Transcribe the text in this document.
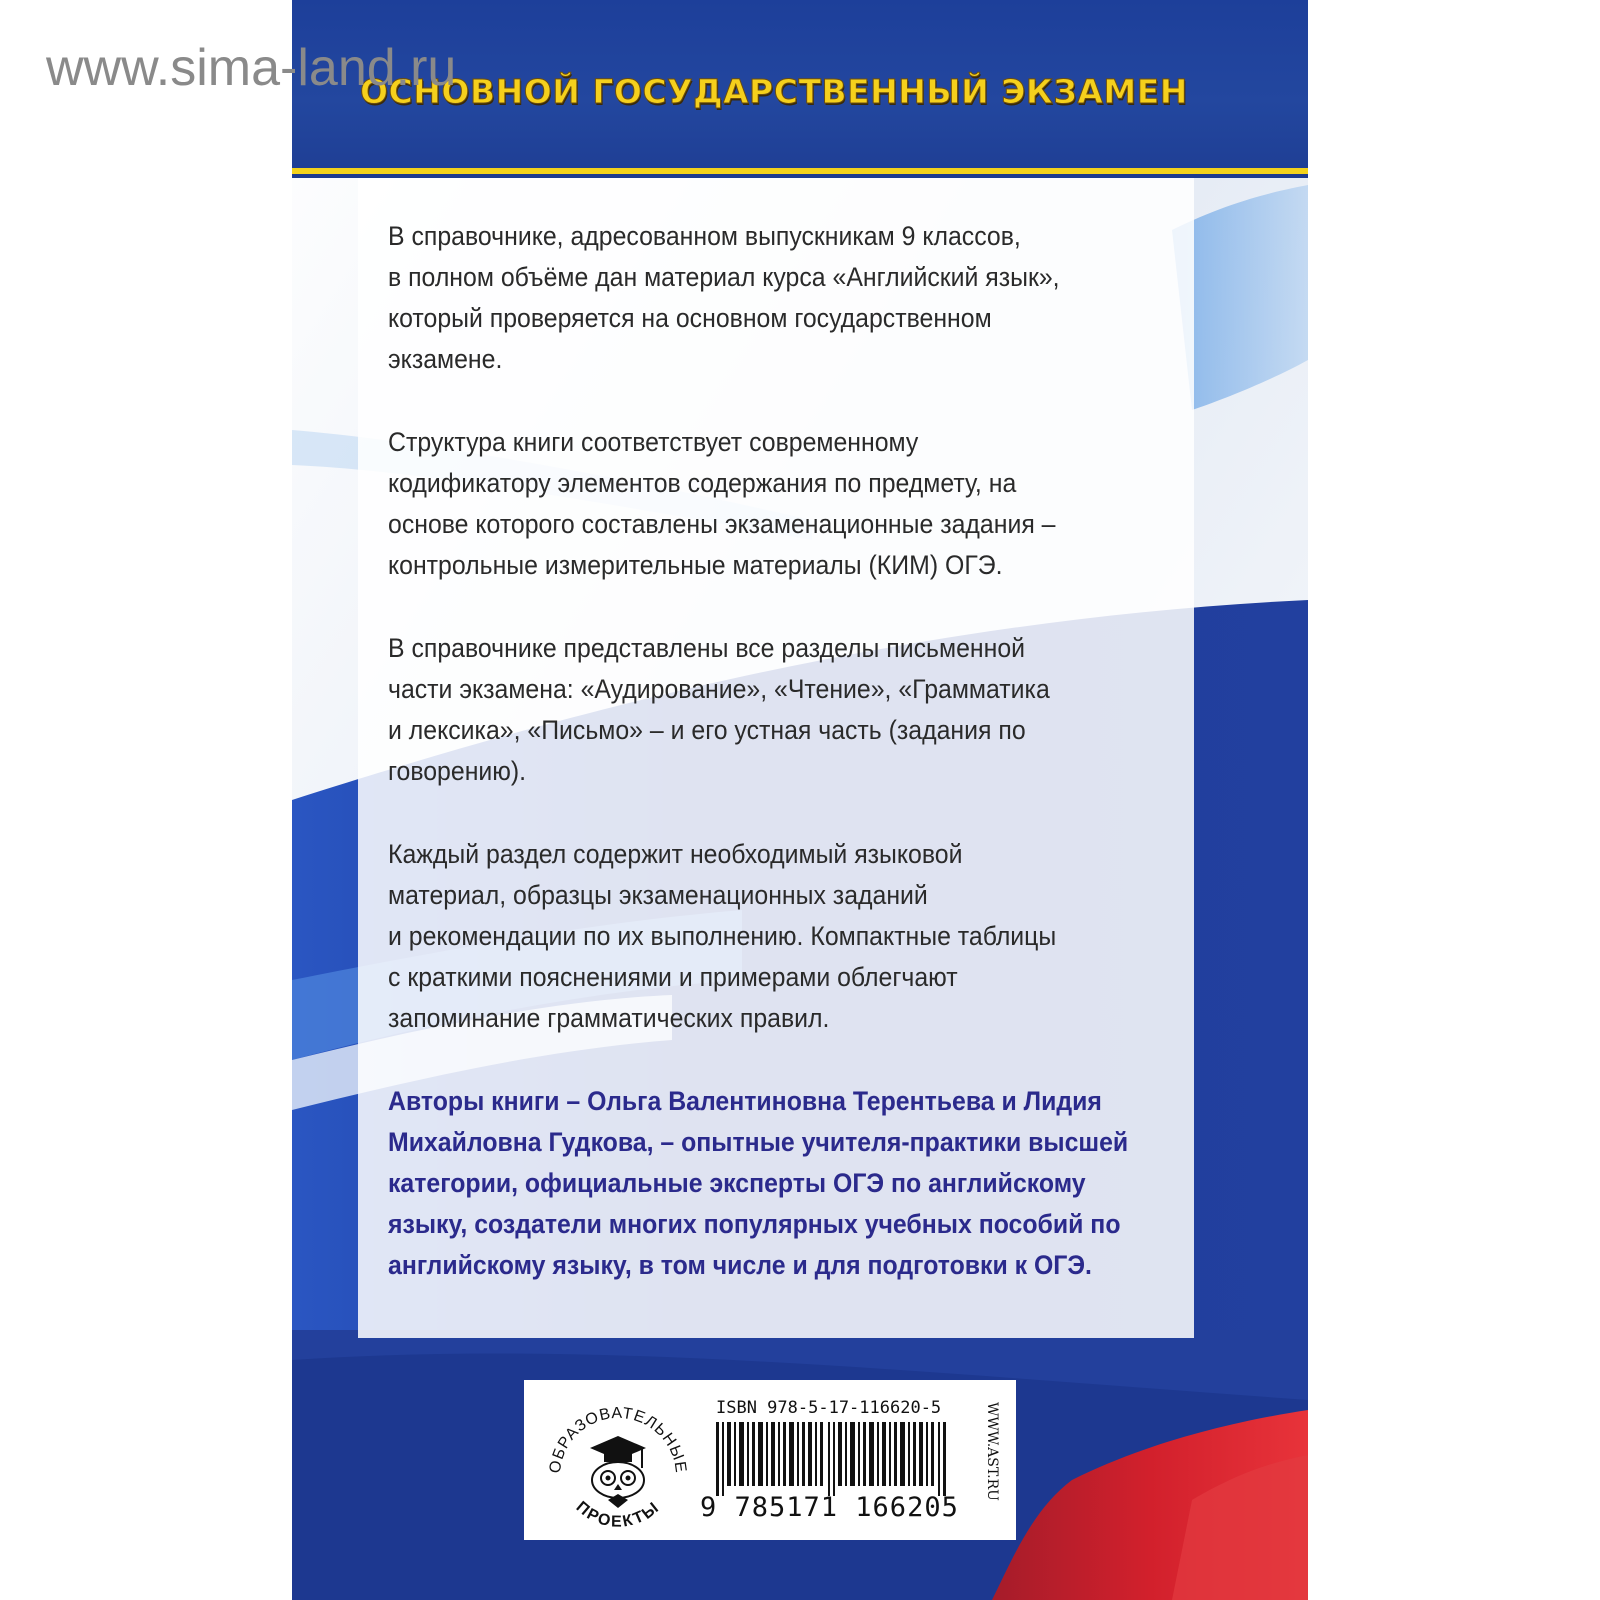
ОСНОВНОЙ ГОСУДАРСТВЕННЫЙ ЭКЗАМЕН
В справочнике, адресованном выпускникам 9 классов,
в полном объёме дан материал курса «Английский язык»,
который проверяется на основном государственном
экзамене.
Структура книги соответствует современному
кодификатору элементов содержания по предмету, на
основе которого составлены экзаменационные задания –
контрольные измерительные материалы (КИМ) ОГЭ.
В справочнике представлены все разделы письменной
части экзамена: «Аудирование», «Чтение», «Грамматика
и лексика», «Письмо» – и его устная часть (задания по
говорению).
Каждый раздел содержит необходимый языковой
материал, образцы экзаменационных заданий
и рекомендации по их выполнению. Компактные таблицы
с краткими пояснениями и примерами облегчают
запоминание грамматических правил.
Авторы книги – Ольга Валентиновна Терентьева и Лидия
Михайловна Гудкова, – опытные учителя-практики высшей
категории, официальные эксперты ОГЭ по английскому
языку, создатели многих популярных учебных пособий по
английскому языку, в том числе и для подготовки к ОГЭ.
ОБРАЗОВАТЕЛЬНЫЕ
ПРОЕКТЫ
ISBN 978-5-17-116620-5
9 785171 166205
WWW.AST.RU
www.sima-land.ru
